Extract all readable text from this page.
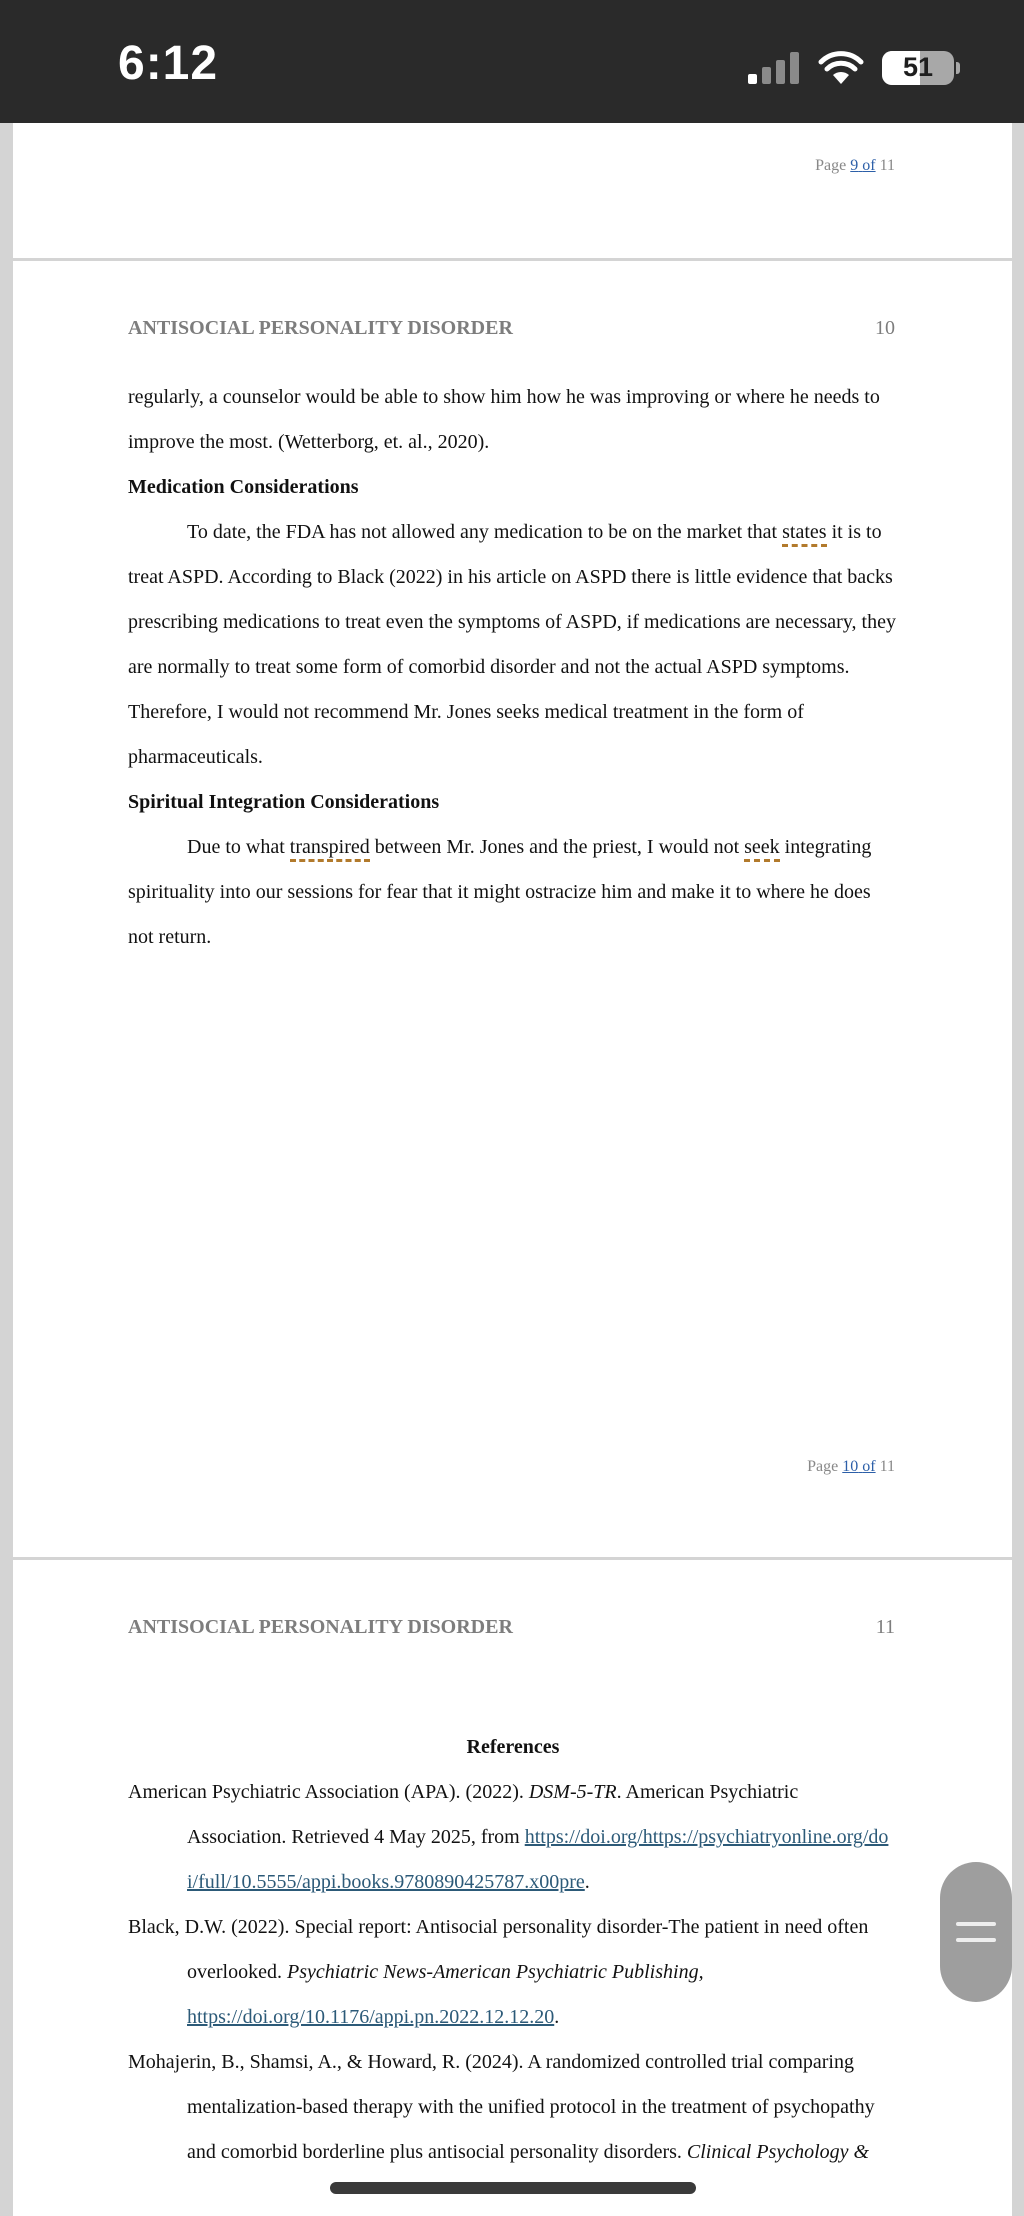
6:12	51
Page 9 of 11
ANTISOCIAL PERSONALITY DISORDER	10

regularly, a counselor would be able to show him how he was improving or where he needs to

improve the most. (Wetterborg, et. al., 2020).

Medication Considerations

To date, the FDA has not allowed any medication to be on the market that states it is to treat ASPD. According to Black (2022) in his article on ASPD there is little evidence that backs prescribing medications to treat even the symptoms of ASPD, if medications are necessary, they are normally to treat some form of comorbid disorder and not the actual ASPD symptoms. Therefore, I would not recommend Mr. Jones seeks medical treatment in the form of pharmaceuticals.

Spiritual Integration Considerations

Due to what transpired between Mr. Jones and the priest, I would not seek integrating spirituality into our sessions for fear that it might ostracize him and make it to where he does not return.

Page 10 of 11
ANTISOCIAL PERSONALITY DISORDER	11

References

American Psychiatric Association (APA). (2022). DSM-5-TR. American Psychiatric Association. Retrieved 4 May 2025, from https://doi.org/https://psychiatryonline.org/doi/full/10.5555/appi.books.9780890425787.x00pre.

Black, D.W. (2022). Special report: Antisocial personality disorder-The patient in need often overlooked. Psychiatric News-American Psychiatric Publishing, https://doi.org/10.1176/appi.pn.2022.12.12.20.

Mohajerin, B., Shamsi, A., & Howard, R. (2024). A randomized controlled trial comparing mentalization-based therapy with the unified protocol in the treatment of psychopathy and comorbid borderline plus antisocial personality disorders. Clinical Psychology &
